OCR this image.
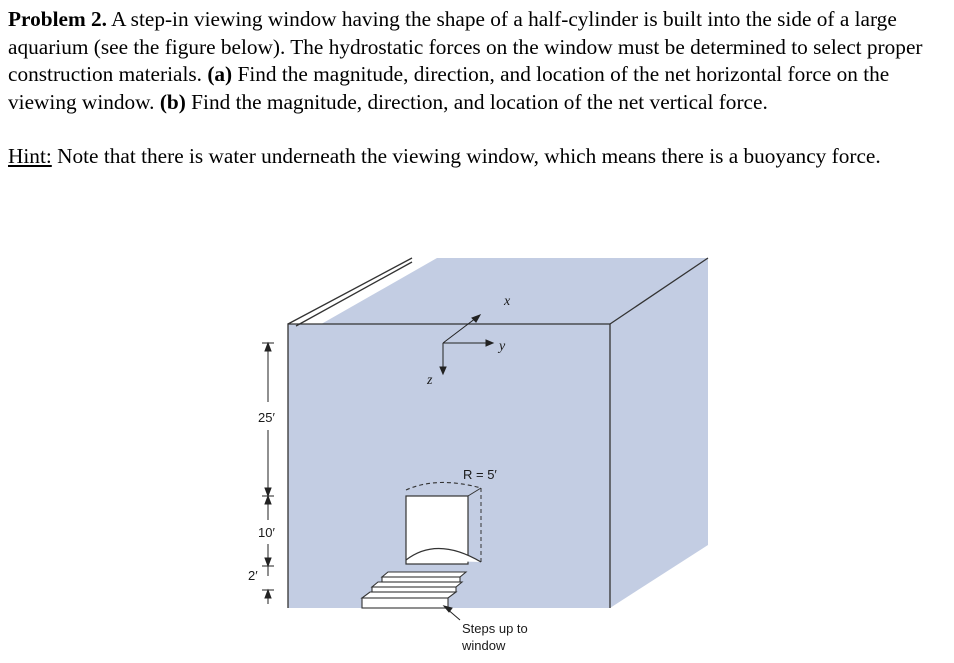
Problem 2. A step-in viewing window having the shape of a half-cylinder is built into the side of a large aquarium (see the figure below). The hydrostatic forces on the window must be determined to select proper construction materials. (a) Find the magnitude, direction, and location of the net horizontal force on the viewing window. (b) Find the magnitude, direction, and location of the net vertical force.

Hint: Note that there is water underneath the viewing window, which means there is a buoyancy force.

x
y
z
R = 5′
Steps up to
window
25′
10′
2′
